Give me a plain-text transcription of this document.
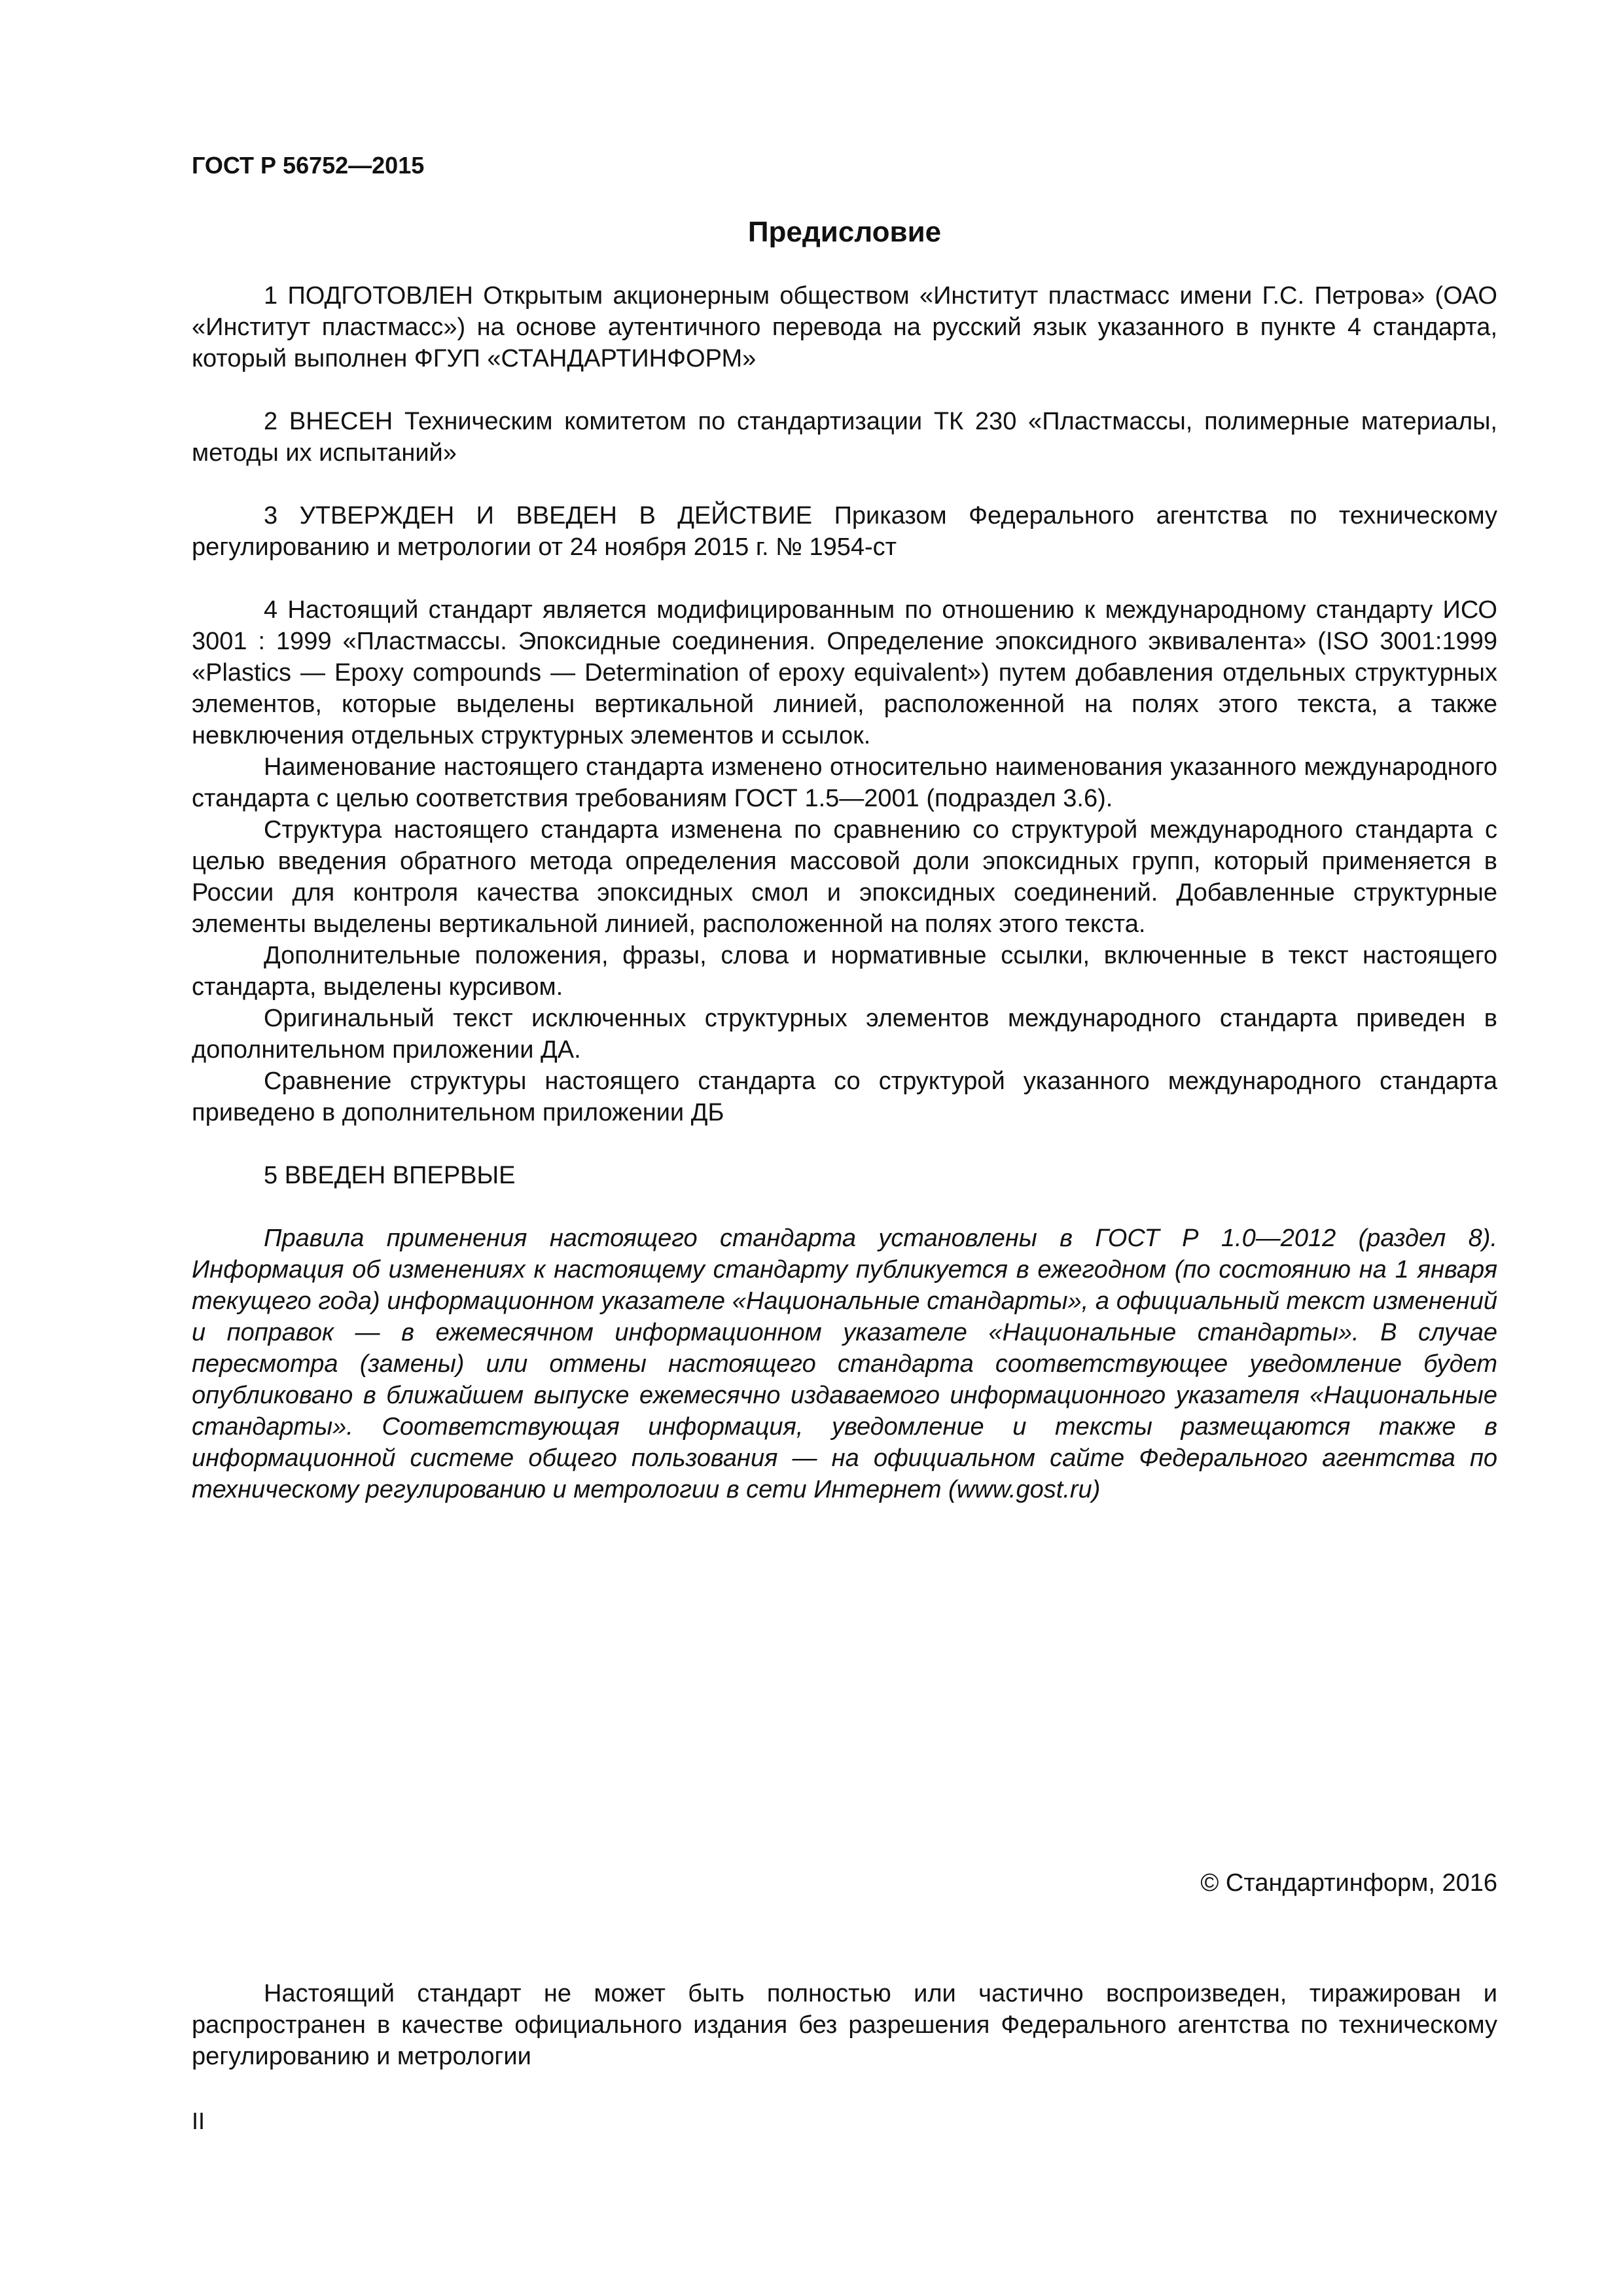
ГОСТ Р 56752—2015
Предисловие

1 ПОДГОТОВЛЕН Открытым акционерным обществом «Институт пластмасс имени Г.С. Петрова» (ОАО «Институт пластмасс») на основе аутентичного перевода на русский язык указанного в пункте 4 стандарта, который выполнен ФГУП «СТАНДАРТИНФОРМ»

2 ВНЕСЕН Техническим комитетом по стандартизации ТК 230 «Пластмассы, полимерные материалы, методы их испытаний»

3 УТВЕРЖДЕН И ВВЕДЕН В ДЕЙСТВИЕ Приказом Федерального агентства по техническому регулированию и метрологии от 24 ноября 2015 г. № 1954-ст

4 Настоящий стандарт является модифицированным по отношению к международному стандарту ИСО 3001 : 1999 «Пластмассы. Эпоксидные соединения. Определение эпоксидного эквивалента» (ISO 3001:1999 «Plastics — Epoxy compounds — Determination of epoxy equivalent») путем добавления отдельных структурных элементов, которые выделены вертикальной линией, расположенной на полях этого текста, а также невключения отдельных структурных элементов и ссылок.

Наименование настоящего стандарта изменено относительно наименования указанного международного стандарта с целью соответствия требованиям ГОСТ 1.5—2001 (подраздел 3.6).

Структура настоящего стандарта изменена по сравнению со структурой международного стандарта с целью введения обратного метода определения массовой доли эпоксидных групп, который применяется в России для контроля качества эпоксидных смол и эпоксидных соединений. Добавленные структурные элементы выделены вертикальной линией, расположенной на полях этого текста.

Дополнительные положения, фразы, слова и нормативные ссылки, включенные в текст настоящего стандарта, выделены курсивом.

Оригинальный текст исключенных структурных элементов международного стандарта приведен в дополнительном приложении ДА.

Сравнение структуры настоящего стандарта со структурой указанного международного стандарта приведено в дополнительном приложении ДБ

5 ВВЕДЕН ВПЕРВЫЕ

Правила применения настоящего стандарта установлены в ГОСТ Р 1.0—2012 (раздел 8). Информация об изменениях к настоящему стандарту публикуется в ежегодном (по состоянию на 1 января текущего года) информационном указателе «Национальные стандарты», а официальный текст изменений и поправок — в ежемесячном информационном указателе «Национальные стандарты». В случае пересмотра (замены) или отмены настоящего стандарта соответствующее уведомление будет опубликовано в ближайшем выпуске ежемесячно издаваемого информационного указателя «Национальные стандарты». Соответствующая информация, уведомление и тексты размещаются также в информационной системе общего пользования — на официальном сайте Федерального агентства по техническому регулированию и метрологии в сети Интернет (www.gost.ru)

© Стандартинформ, 2016

Настоящий стандарт не может быть полностью или частично воспроизведен, тиражирован и распространен в качестве официального издания без разрешения Федерального агентства по техническому регулированию и метрологии

II
